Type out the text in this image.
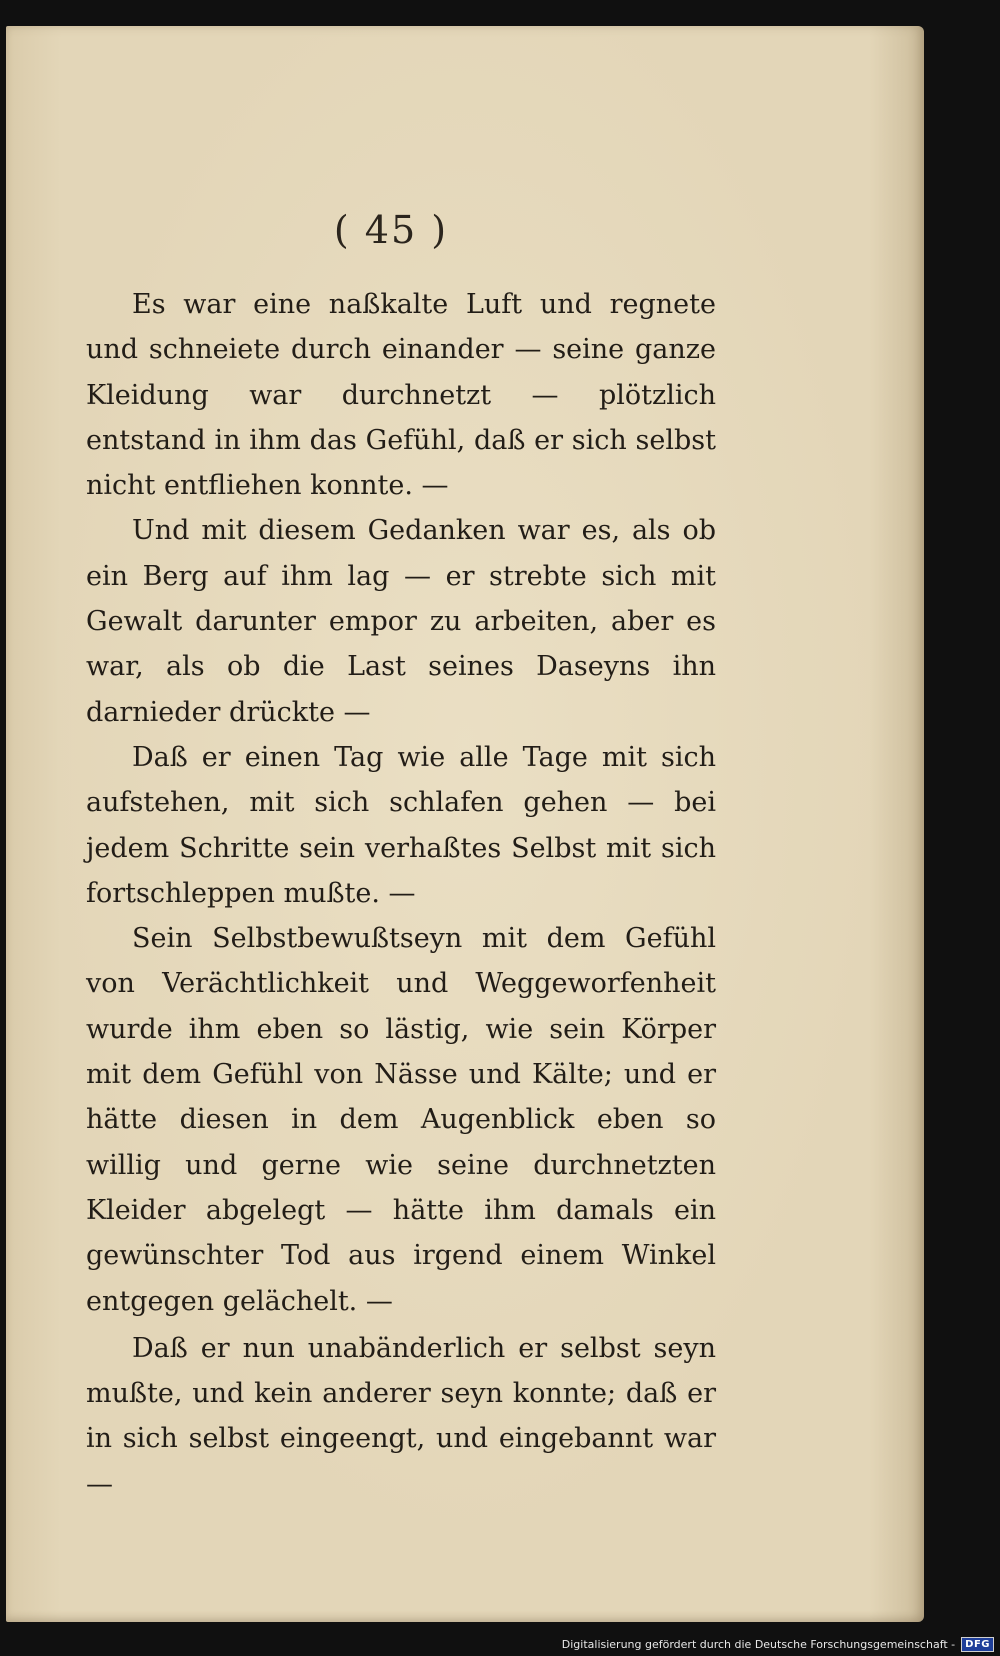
( 45 )

Es war eine naßkalte Luft und regnete und schneiete durch einander — seine ganze Kleidung war durchnetzt — plötzlich entstand in ihm das Gefühl, daß er sich selbst nicht entfliehen konnte. —

Und mit diesem Gedanken war es, als ob ein Berg auf ihm lag — er strebte sich mit Gewalt darunter empor zu arbeiten, aber es war, als ob die Last seines Daseyns ihn darnieder drückte —

Daß er einen Tag wie alle Tage mit sich aufstehen, mit sich schlafen gehen — bei jedem Schritte sein verhaßtes Selbst mit sich fortschleppen mußte. —

Sein Selbstbewußtseyn mit dem Gefühl von Verächtlichkeit und Weggeworfenheit wurde ihm eben so lästig, wie sein Körper mit dem Gefühl von Nässe und Kälte; und er hätte diesen in dem Augenblick eben so willig und gerne wie seine durchnetzten Kleider abgelegt — hätte ihm damals ein gewünschter Tod aus irgend einem Winkel entgegen gelächelt. —

Daß er nun unabänderlich er selbst seyn mußte, und kein anderer seyn konnte; daß er in sich selbst eingeengt, und eingebannt war —

Digitalisierung gefördert durch die Deutsche Forschungsgemeinschaft -	DFG
